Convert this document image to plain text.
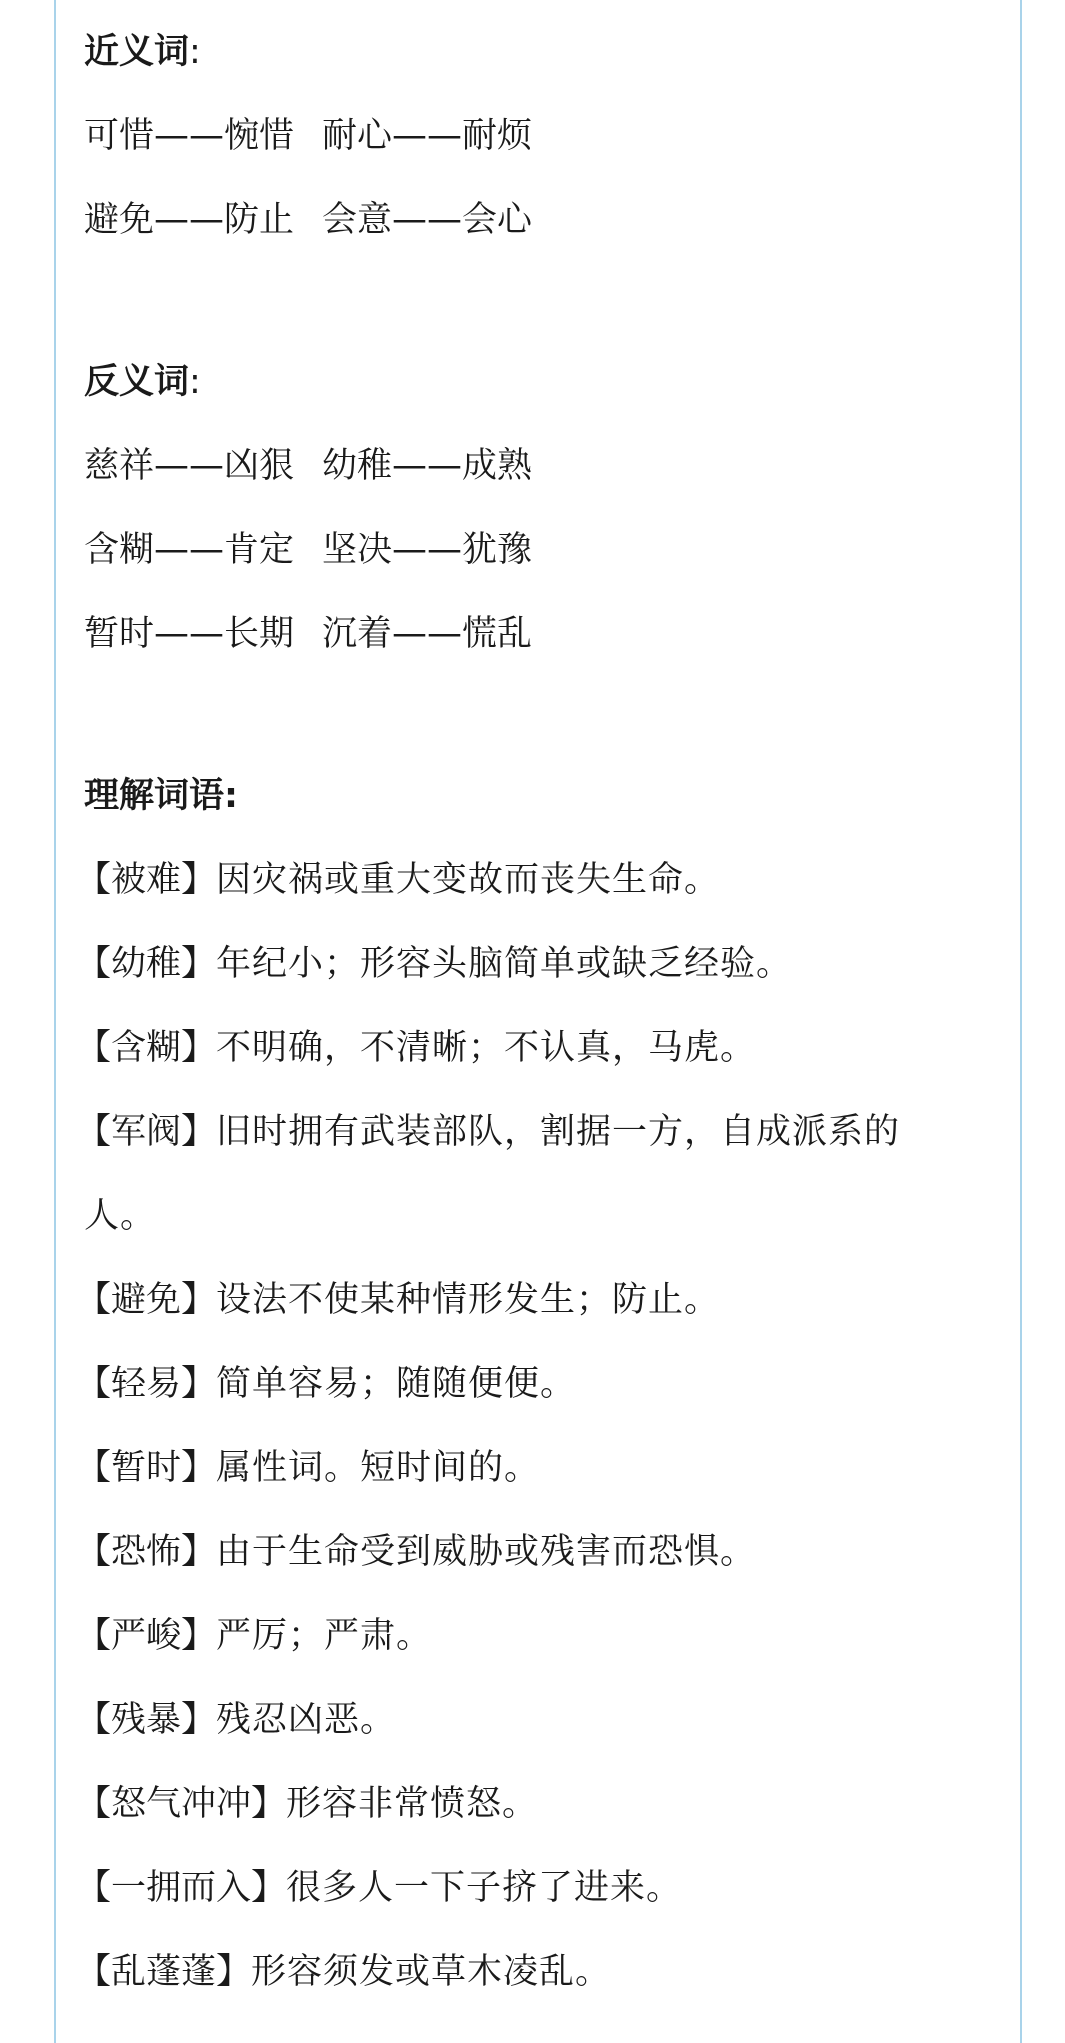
近义词:
可惜——惋惜 耐心——耐烦
避免——防止 会意——会心
反义词:
慈祥——凶狠 幼稚——成熟
含糊——肯定 坚决——犹豫
暂时——长期 沉着——慌乱
理解词语:
【被难】因灾祸或重大变故而丧失生命。
【幼稚】年纪小；形容头脑简单或缺乏经验。
【含糊】不明确，不清晰；不认真，马虎。
【军阀】旧时拥有武装部队，割据一方，自成派系的
人。
【避免】设法不使某种情形发生；防止。
【轻易】简单容易；随随便便。
【暂时】属性词。短时间的。
【恐怖】由于生命受到威胁或残害而恐惧。
【严峻】严厉；严肃。
【残暴】残忍凶恶。
【怒气冲冲】形容非常愤怒。
【一拥而入】很多人一下子挤了进来。
【乱蓬蓬】形容须发或草木凌乱。
